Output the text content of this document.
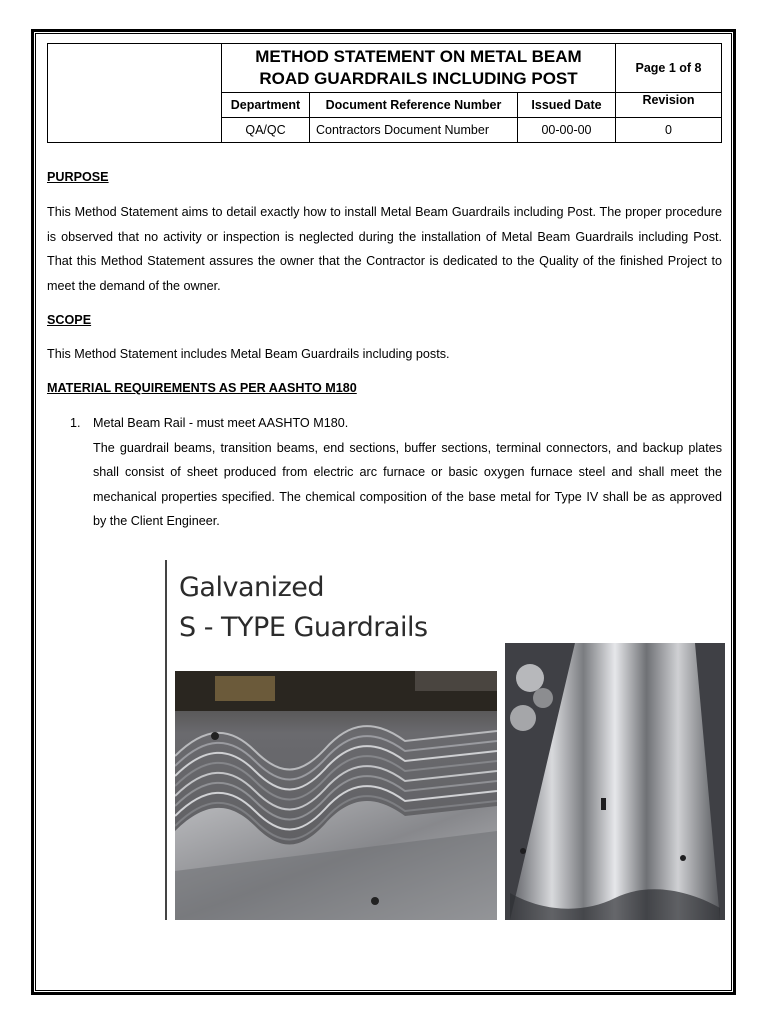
METHOD STATEMENT ON METAL BEAM
ROAD GUARDRAILS INCLUDING POST
Page 1 of 8
Department	Document Reference Number	Issued Date	Revision
QA/QC	Contractors Document Number	00-00-00	0
PURPOSE
This Method Statement aims to detail exactly how to install Metal Beam Guardrails including Post. The proper procedure is observed that no activity or inspection is neglected during the installation of Metal Beam Guardrails including Post. That this Method Statement assures the owner that the Contractor is dedicated to the Quality of the finished Project to meet the demand of the owner.
SCOPE
This Method Statement includes Metal Beam Guardrails including posts.
MATERIAL REQUIREMENTS AS PER AASHTO M180
1. Metal Beam Rail - must meet AASHTO M180.
The guardrail beams, transition beams, end sections, buffer sections, terminal connectors, and backup plates shall consist of sheet produced from electric arc furnace or basic oxygen furnace steel and shall meet the mechanical properties specified. The chemical composition of the base metal for Type IV shall be as approved by the Client Engineer.
Galvanized
S - TYPE Guardrails
